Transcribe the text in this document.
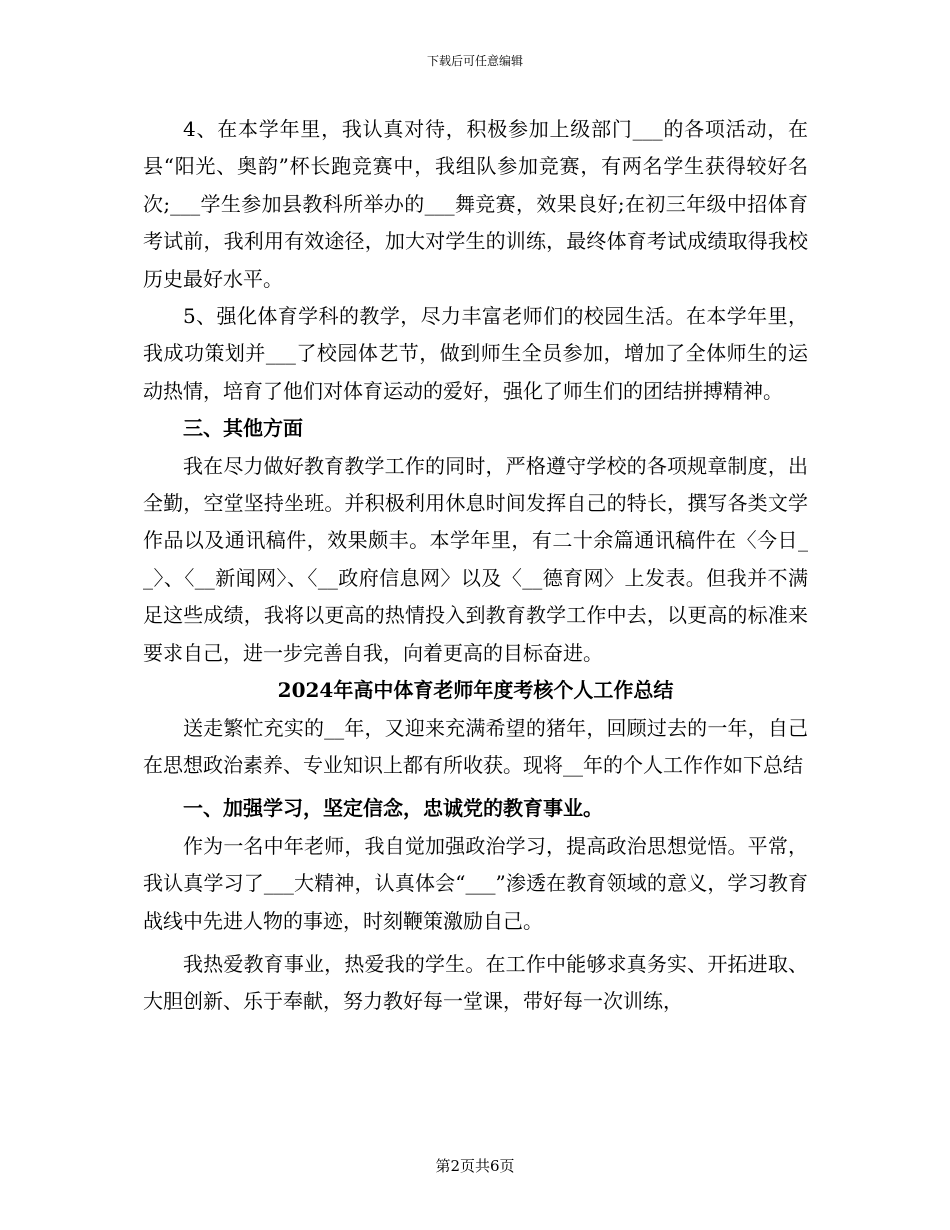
下载后可任意编辑

4、在本学年里，我认真对待，积极参加上级部门___的各项活动，在县“阳光、奥韵”杯长跑竞赛中，我组队参加竞赛，有两名学生获得较好名次;___学生参加县教科所举办的___舞竞赛，效果良好;在初三年级中招体育考试前，我利用有效途径，加大对学生的训练，最终体育考试成绩取得我校历史最好水平。

5、强化体育学科的教学，尽力丰富老师们的校园生活。在本学年里，我成功策划并___了校园体艺节，做到师生全员参加，增加了全体师生的运动热情，培育了他们对体育运动的爱好，强化了师生们的团结拼搏精神。

三、其他方面

我在尽力做好教育教学工作的同时，严格遵守学校的各项规章制度，出全勤，空堂坚持坐班。并积极利用休息时间发挥自己的特长，撰写各类文学作品以及通讯稿件，效果颇丰。本学年里，有二十余篇通讯稿件在〈今日__〉、〈__新闻网〉、〈__政府信息网〉以及〈__德育网〉上发表。但我并不满足这些成绩，我将以更高的热情投入到教育教学工作中去，以更高的标准来要求自己，进一步完善自我，向着更高的目标奋进。

2024年高中体育老师年度考核个人工作总结

送走繁忙充实的__年，又迎来充满希望的猪年，回顾过去的一年，自己在思想政治素养、专业知识上都有所收获。现将__年的个人工作作如下总结

一、加强学习，坚定信念，忠诚党的教育事业。

作为一名中年老师，我自觉加强政治学习，提高政治思想觉悟。平常，我认真学习了___大精神，认真体会“___”渗透在教育领域的意义，学习教育战线中先进人物的事迹，时刻鞭策激励自己。

我热爱教育事业，热爱我的学生。在工作中能够求真务实、开拓进取、大胆创新、乐于奉献，努力教好每一堂课，带好每一次训练，

第2页共6页
